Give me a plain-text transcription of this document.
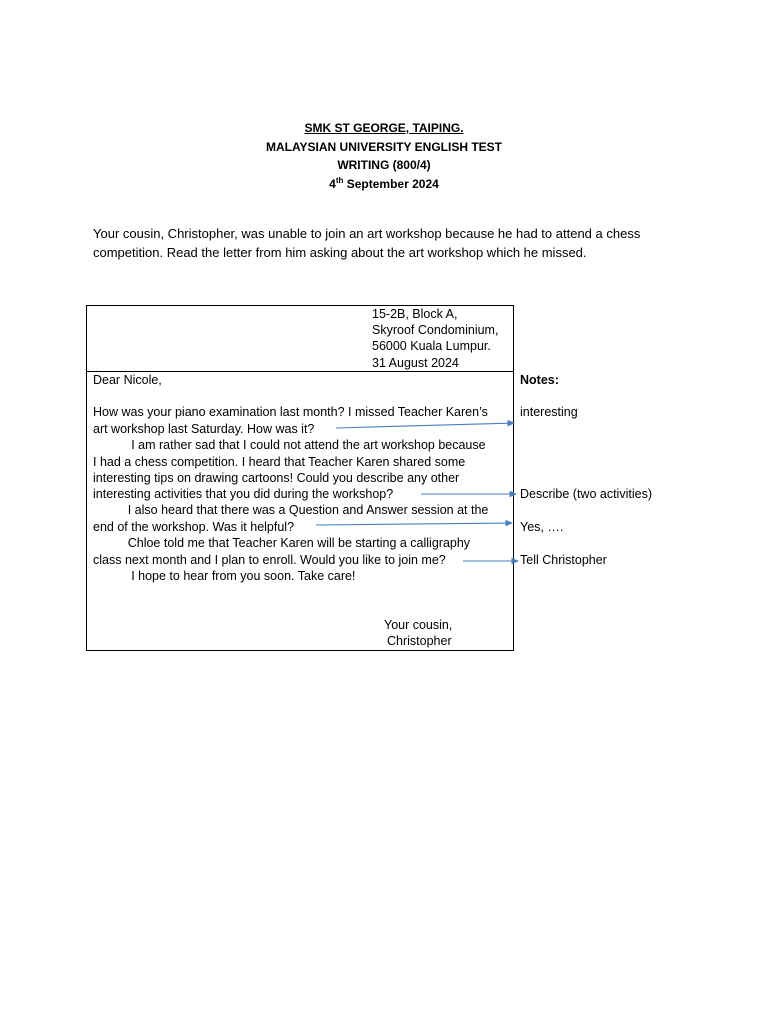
SMK ST GEORGE, TAIPING.
MALAYSIAN UNIVERSITY ENGLISH TEST
WRITING (800/4)
4th September 2024
Your cousin, Christopher, was unable to join an art workshop because he had to attend a chess
competition. Read the letter from him asking about the art workshop which he missed.
15-2B, Block A,
Skyroof Condominium,
56000 Kuala Lumpur.
31 August 2024
Dear Nicole,
How was your piano examination last month? I missed Teacher Karen’s
art workshop last Saturday. How was it?
I am rather sad that I could not attend the art workshop because
I had a chess competition. I heard that Teacher Karen shared some
interesting tips on drawing cartoons! Could you describe any other
interesting activities that you did during the workshop?
I also heard that there was a Question and Answer session at the
end of the workshop. Was it helpful?
Chloe told me that Teacher Karen will be starting a calligraphy
class next month and I plan to enroll. Would you like to join me?
I hope to hear from you soon. Take care!
Your cousin,
Christopher
Notes:
interesting
Describe (two activities)
Yes, ….
Tell Christopher
